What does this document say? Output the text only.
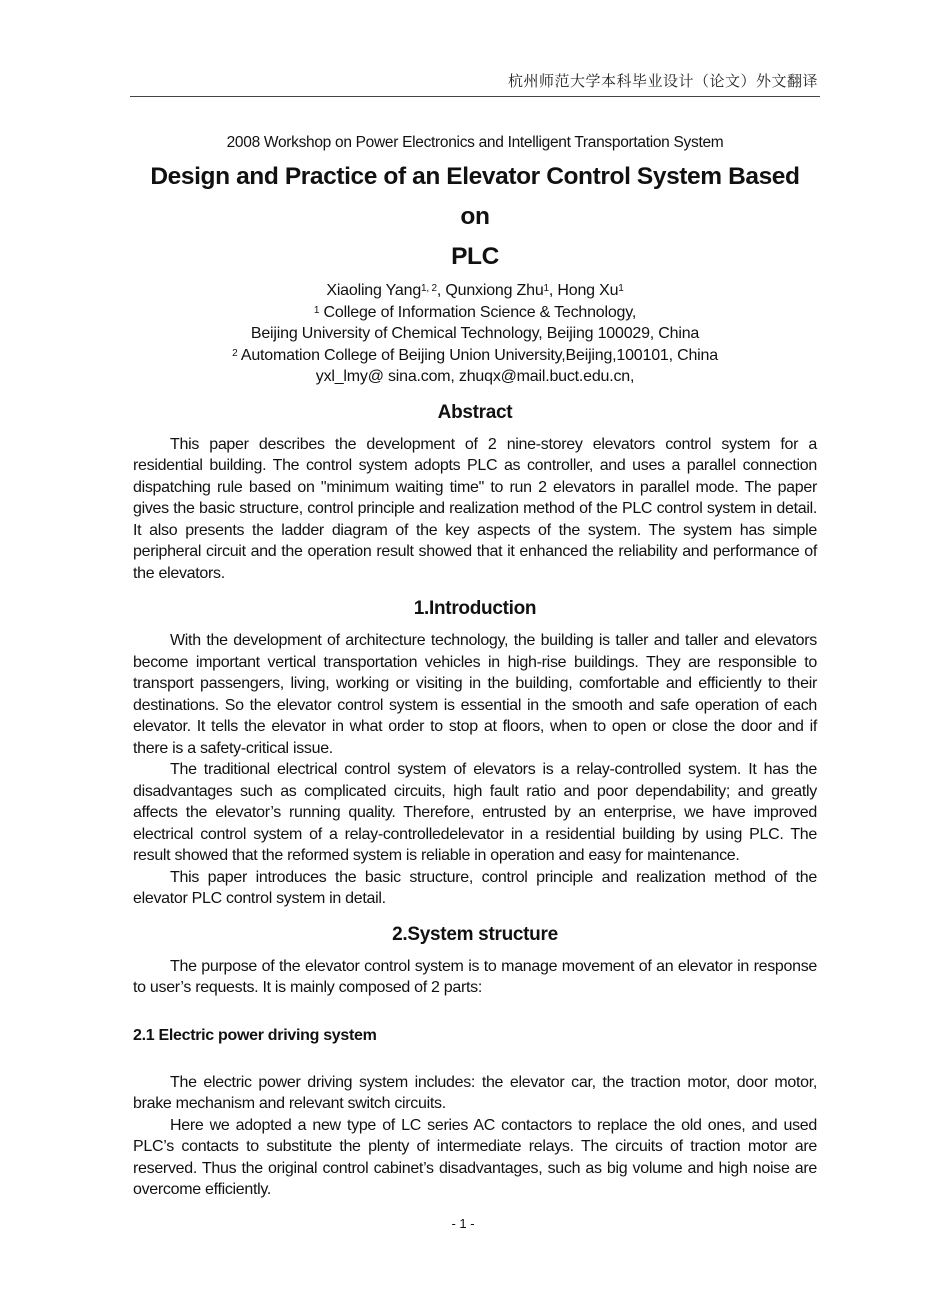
杭州师范大学本科毕业设计（论文）外文翻译
2008 Workshop on Power Electronics and Intelligent Transportation System
Design and Practice of an Elevator Control System Based on
PLC
Xiaoling Yang$^{1, 2}$, Qunxiong Zhu$^1$, Hong Xu$^1$
$^1$ College of Information Science & Technology,
Beijing University of Chemical Technology, Beijing 100029, China
$^2$ Automation College of Beijing Union University,Beijing,100101, China
yxl_lmy@ sina.com, zhuqx@mail.buct.edu.cn,
Abstract

This paper describes the development of 2 nine-storey elevators control system for a residential building. The control system adopts PLC as controller, and uses a parallel connection dispatching rule based on "minimum waiting time" to run 2 elevators in parallel mode. The paper gives the basic structure, control principle and realization method of the PLC control system in detail. It also presents the ladder diagram of the key aspects of the system. The system has simple peripheral circuit and the operation result showed that it enhanced the reliability and performance of the elevators.

1.Introduction

With the development of architecture technology, the building is taller and taller and elevators become important vertical transportation vehicles in high-rise buildings. They are responsible to transport passengers, living, working or visiting in the building, comfortable and efficiently to their destinations. So the elevator control system is essential in the smooth and safe operation of each elevator. It tells the elevator in what order to stop at floors, when to open or close the door and if there is a safety-critical issue.

The traditional electrical control system of elevators is a relay-controlled system. It has the disadvantages such as complicated circuits, high fault ratio and poor dependability; and greatly affects the elevator’s running quality. Therefore, entrusted by an enterprise, we have improved electrical control system of a relay-controlledelevator in a residential building by using PLC. The result showed that the reformed system is reliable in operation and easy for maintenance.

This paper introduces the basic structure, control principle and realization method of the elevator PLC control system in detail.

2.System structure

The purpose of the elevator control system is to manage movement of an elevator in response to user’s requests. It is mainly composed of 2 parts:

2.1 Electric power driving system

The electric power driving system includes: the elevator car, the traction motor, door motor, brake mechanism and relevant switch circuits.

Here we adopted a new type of LC series AC contactors to replace the old ones, and used PLC’s contacts to substitute the plenty of intermediate relays. The circuits of traction motor are reserved. Thus the original control cabinet’s disadvantages, such as big volume and high noise are overcome efficiently.

- 1 -
